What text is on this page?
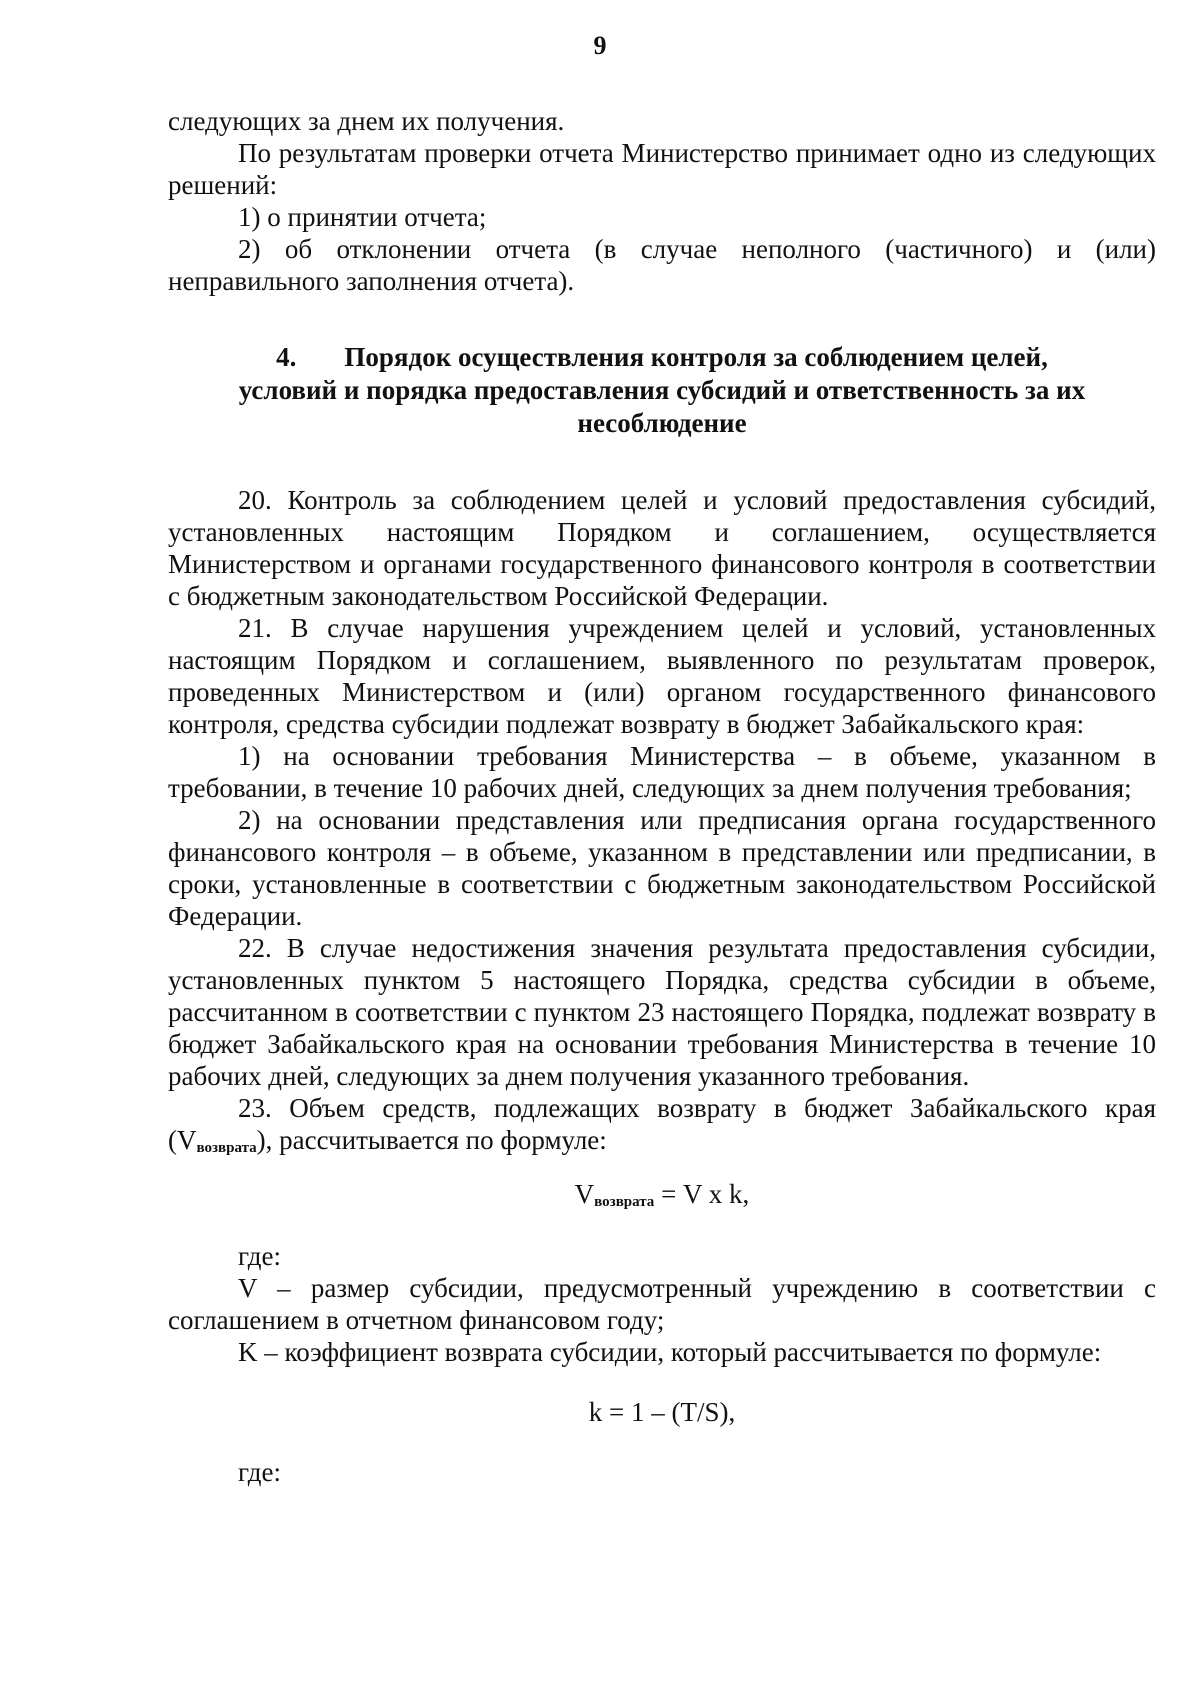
9

следующих за днем их получения.

По результатам проверки отчета Министерство принимает одно из следующих решений:

1) о принятии отчета;

2) об отклонении отчета (в случае неполного (частичного) и (или) неправильного заполнения отчета).

4. Порядок осуществления контроля за соблюдением целей,
условий и порядка предоставления субсидий и ответственность за их
несоблюдение

20. Контроль за соблюдением целей и условий предоставления субсидий, установленных настоящим Порядком и соглашением, осуществляется Министерством и органами государственного финансового контроля в соответствии с бюджетным законодательством Российской Федерации.

21. В случае нарушения учреждением целей и условий, установленных настоящим Порядком и соглашением, выявленного по результатам проверок, проведенных Министерством и (или) органом государственного финансового контроля, средства субсидии подлежат возврату в бюджет Забайкальского края:

1) на основании требования Министерства – в объеме, указанном в требовании, в течение 10 рабочих дней, следующих за днем получения требования;

2) на основании представления или предписания органа государственного финансового контроля – в объеме, указанном в представлении или предписании, в сроки, установленные в соответствии с бюджетным законодательством Российской Федерации.

22. В случае недостижения значения результата предоставления субсидии, установленных пунктом 5 настоящего Порядка, средства субсидии в объеме, рассчитанном в соответствии с пунктом 23 настоящего Порядка, подлежат возврату в бюджет Забайкальского края на основании требования Министерства в течение 10 рабочих дней, следующих за днем получения указанного требования.

23. Объем средств, подлежащих возврату в бюджет Забайкальского края $(V_{возврата})$, рассчитывается по формуле:

$V_{возврата} = V$ x k,

где:

V – размер субсидии, предусмотренный учреждению в соответствии с соглашением в отчетном финансовом году;

K – коэффициент возврата субсидии, который рассчитывается по формуле:

k = 1 – (T/S),

где:
